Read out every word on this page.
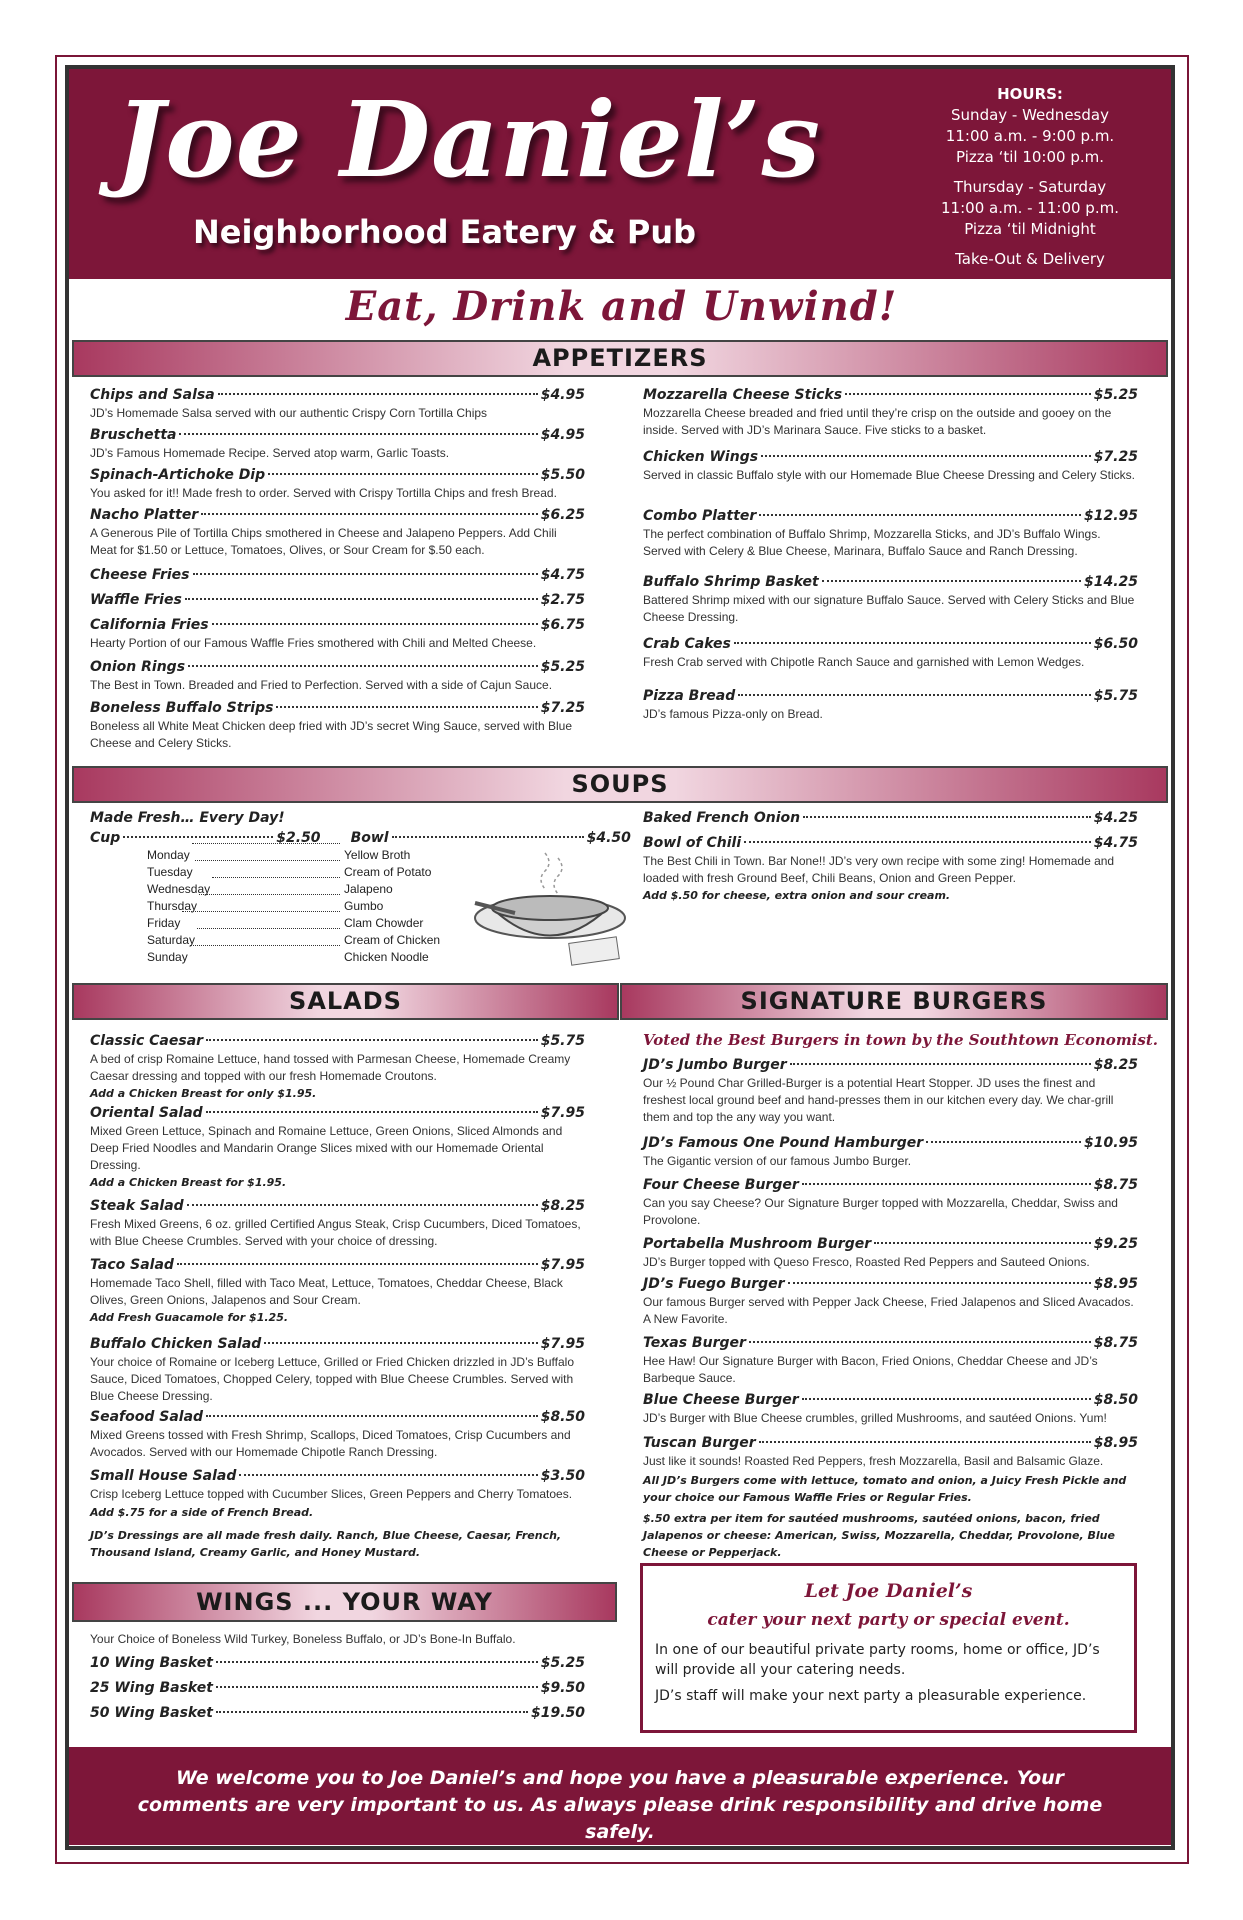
Joe Daniel’s
Neighborhood Eatery & Pub
HOURS:
Sunday - Wednesday
11:00 a.m. - 9:00 p.m.
Pizza ‘til 10:00 p.m.
Thursday - Saturday
11:00 a.m. - 11:00 p.m.
Pizza ‘til Midnight
Take-Out & Delivery
Eat, Drink and Unwind!
APPETIZERS
Chips and Salsa	$4.95
JD’s Homemade Salsa served with our authentic Crispy Corn Tortilla Chips
Bruschetta	$4.95
JD’s Famous Homemade Recipe. Served atop warm, Garlic Toasts.
Spinach-Artichoke Dip	$5.50
You asked for it!! Made fresh to order. Served with Crispy Tortilla Chips and fresh Bread.
Nacho Platter	$6.25
A Generous Pile of Tortilla Chips smothered in Cheese and Jalapeno Peppers. Add Chili Meat for $1.50 or Lettuce, Tomatoes, Olives, or Sour Cream for $.50 each.
Cheese Fries	$4.75
Waffle Fries	$2.75
California Fries	$6.75
Hearty Portion of our Famous Waffle Fries smothered with Chili and Melted Cheese.
Onion Rings	$5.25
The Best in Town. Breaded and Fried to Perfection. Served with a side of Cajun Sauce.
Boneless Buffalo Strips	$7.25
Boneless all White Meat Chicken deep fried with JD’s secret Wing Sauce, served with Blue Cheese and Celery Sticks.
Mozzarella Cheese Sticks	$5.25
Mozzarella Cheese breaded and fried until they’re crisp on the outside and gooey on the inside. Served with JD’s Marinara Sauce. Five sticks to a basket.
Chicken Wings	$7.25
Served in classic Buffalo style with our Homemade Blue Cheese Dressing and Celery Sticks.
Combo Platter	$12.95
The perfect combination of Buffalo Shrimp, Mozzarella Sticks, and JD’s Buffalo Wings. Served with Celery & Blue Cheese, Marinara, Buffalo Sauce and Ranch Dressing.
Buffalo Shrimp Basket	$14.25
Battered Shrimp mixed with our signature Buffalo Sauce. Served with Celery Sticks and Blue Cheese Dressing.
Crab Cakes	$6.50
Fresh Crab served with Chipotle Ranch Sauce and garnished with Lemon Wedges.
Pizza Bread	$5.75
JD’s famous Pizza-only on Bread.
SOUPS
Made Fresh… Every Day!
Cup	$2.50 Bowl	$4.50
Monday	Yellow Broth
Tuesday	Cream of Potato
Wednesday	Jalapeno
Thursday	Gumbo
Friday	Clam Chowder
Saturday	Cream of Chicken
Sunday	Chicken Noodle
Baked French Onion	$4.25
Bowl of Chili	$4.75
The Best Chili in Town. Bar None!! JD’s very own recipe with some zing! Homemade and loaded with fresh Ground Beef, Chili Beans, Onion and Green Pepper.
Add $.50 for cheese, extra onion and sour cream.
SALADS
Classic Caesar	$5.75
A bed of crisp Romaine Lettuce, hand tossed with Parmesan Cheese, Homemade Creamy Caesar dressing and topped with our fresh Homemade Croutons.
Add a Chicken Breast for only $1.95.
Oriental Salad	$7.95
Mixed Green Lettuce, Spinach and Romaine Lettuce, Green Onions, Sliced Almonds and Deep Fried Noodles and Mandarin Orange Slices mixed with our Homemade Oriental Dressing.
Add a Chicken Breast for $1.95.
Steak Salad	$8.25
Fresh Mixed Greens, 6 oz. grilled Certified Angus Steak, Crisp Cucumbers, Diced Tomatoes, with Blue Cheese Crumbles. Served with your choice of dressing.
Taco Salad	$7.95
Homemade Taco Shell, filled with Taco Meat, Lettuce, Tomatoes, Cheddar Cheese, Black Olives, Green Onions, Jalapenos and Sour Cream.
Add Fresh Guacamole for $1.25.
Buffalo Chicken Salad	$7.95
Your choice of Romaine or Iceberg Lettuce, Grilled or Fried Chicken drizzled in JD’s Buffalo Sauce, Diced Tomatoes, Chopped Celery, topped with Blue Cheese Crumbles. Served with Blue Cheese Dressing.
Seafood Salad	$8.50
Mixed Greens tossed with Fresh Shrimp, Scallops, Diced Tomatoes, Crisp Cucumbers and Avocados. Served with our Homemade Chipotle Ranch Dressing.
Small House Salad	$3.50
Crisp Iceberg Lettuce topped with Cucumber Slices, Green Peppers and Cherry Tomatoes.
Add $.75 for a side of French Bread.
JD’s Dressings are all made fresh daily. Ranch, Blue Cheese, Caesar, French, Thousand Island, Creamy Garlic, and Honey Mustard.
SIGNATURE BURGERS
Voted the Best Burgers in town by the Southtown Economist.
JD’s Jumbo Burger	$8.25
Our ½ Pound Char Grilled-Burger is a potential Heart Stopper. JD uses the finest and freshest local ground beef and hand-presses them in our kitchen every day. We char-grill them and top the any way you want.
JD’s Famous One Pound Hamburger	$10.95
The Gigantic version of our famous Jumbo Burger.
Four Cheese Burger	$8.75
Can you say Cheese? Our Signature Burger topped with Mozzarella, Cheddar, Swiss and Provolone.
Portabella Mushroom Burger	$9.25
JD’s Burger topped with Queso Fresco, Roasted Red Peppers and Sauteed Onions.
JD’s Fuego Burger	$8.95
Our famous Burger served with Pepper Jack Cheese, Fried Jalapenos and Sliced Avacados. A New Favorite.
Texas Burger	$8.75
Hee Haw! Our Signature Burger with Bacon, Fried Onions, Cheddar Cheese and JD’s Barbeque Sauce.
Blue Cheese Burger	$8.50
JD’s Burger with Blue Cheese crumbles, grilled Mushrooms, and sautéed Onions. Yum!
Tuscan Burger	$8.95
Just like it sounds! Roasted Red Peppers, fresh Mozzarella, Basil and Balsamic Glaze.
All JD’s Burgers come with lettuce, tomato and onion, a Juicy Fresh Pickle and your choice our Famous Waffle Fries or Regular Fries.
$.50 extra per item for sautéed mushrooms, sautéed onions, bacon, fried Jalapenos or cheese: American, Swiss, Mozzarella, Cheddar, Provolone, Blue Cheese or Pepperjack.
WINGS ... YOUR WAY
Your Choice of Boneless Wild Turkey, Boneless Buffalo, or JD’s Bone-In Buffalo.
10 Wing Basket	$5.25
25 Wing Basket	$9.50
50 Wing Basket	$19.50
Let Joe Daniel’s
cater your next party or special event.
In one of our beautiful private party rooms, home or office, JD’s will provide all your catering needs.
JD’s staff will make your next party a pleasurable experience.
We welcome you to Joe Daniel’s and hope you have a pleasurable experience. Your comments are very important to us. As always please drink responsibility and drive home safely.
